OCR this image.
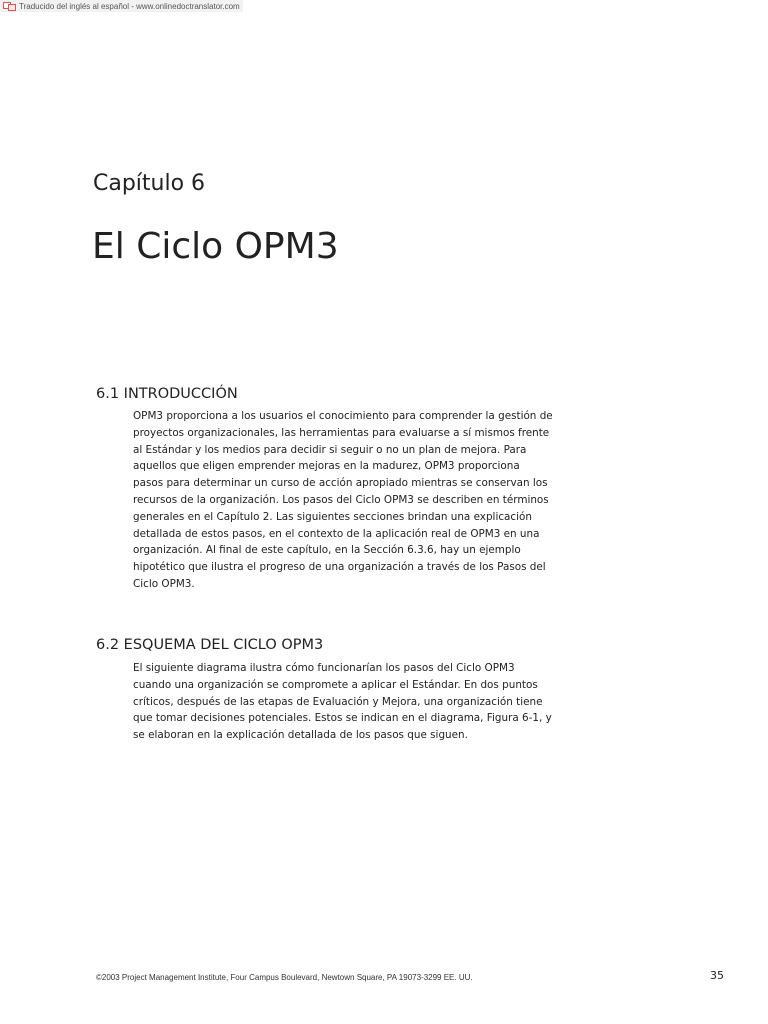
Traducido del inglés al español - www.onlinedoctranslator.com
Capítulo 6
El Ciclo OPM3
6.1 INTRODUCCIÓN

OPM3 proporciona a los usuarios el conocimiento para comprender la gestión de proyectos organizacionales, las herramientas para evaluarse a sí mismos frente al Estándar y los medios para decidir si seguir o no un plan de mejora. Para aquellos que eligen emprender mejoras en la madurez, OPM3 proporciona pasos para determinar un curso de acción apropiado mientras se conservan los recursos de la organización. Los pasos del Ciclo OPM3 se describen en términos generales en el Capítulo 2. Las siguientes secciones brindan una explicación detallada de estos pasos, en el contexto de la aplicación real de OPM3 en una organización. Al final de este capítulo, en la Sección 6.3.6, hay un ejemplo hipotético que ilustra el progreso de una organización a través de los Pasos del Ciclo OPM3.

6.2 ESQUEMA DEL CICLO OPM3

El siguiente diagrama ilustra cómo funcionarían los pasos del Ciclo OPM3 cuando una organización se compromete a aplicar el Estándar. En dos puntos críticos, después de las etapas de Evaluación y Mejora, una organización tiene que tomar decisiones potenciales. Estos se indican en el diagrama, Figura 6-1, y se elaboran en la explicación detallada de los pasos que siguen.

©2003 Project Management Institute, Four Campus Boulevard, Newtown Square, PA 19073-3299 EE. UU.	35
